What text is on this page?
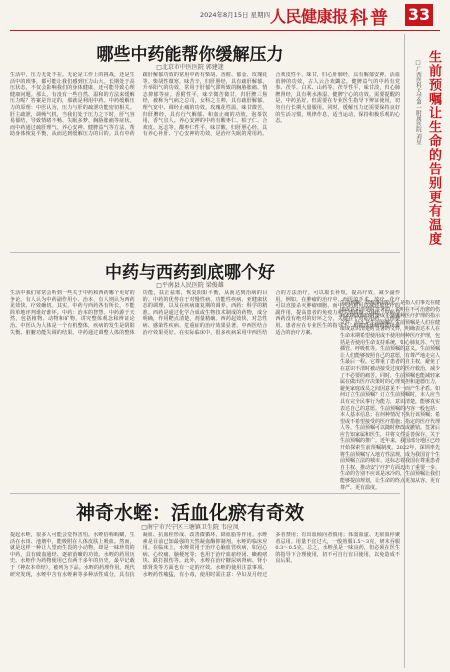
2024年8月15日 星期四 人民健康报 科普 33
哪些中药能帮你缓解压力
□北京市中医医院 郭建迷
生活中，压力无处不在。无论是工作上的挑战，还是生活中的琐事，都可能让我们感到压力山大。长期处于高压状态，不仅会影响我们的身体健康，还可能导致心理健康问题。那么，有没有一些自然、温和的方法来缓解压力呢？答案是肯定的，那就是利用中药。中药缓解压力的原理：中医认为，压力与肝的疏泄功能密切相关。肝主疏泄，调畅气机，当我们处于压力之下时，肝气容易郁结，导致情绪不畅、失眠多梦、胸胁胀痛等症状。而中药通过疏肝理气、养心安神、健脾益气等方法，帮助身体恢复平衡，从而达到缓解压力的目的。具有中药疏肝解郁功效的常用中药有柴胡、香附、郁金、玫瑰花等。柴胡性微寒，味苦辛，归肝胆经，具有疏肝解郁、升举阳气的功效，常用于肝郁气滞所致的胸胁胀痛、情志抑郁等症。香附性平，味辛微苦微甘，归肝脾三焦经，被称为气病之总司，女科之主帅，具有疏肝解郁、理气宽中、调经止痛的功效。玫瑰花性温，味甘微苦，归肝脾经，具有行气解郁、和血止痛的功效，泡茶饮用，香气宜人。养心安神的中药有酸枣仁、柏子仁、合欢皮、远志等。酸枣仁性平，味甘酸，归肝胆心经，具有养心补肝、宁心安神的功效，是治疗失眠的常用药。合欢皮性平，味甘，归心肝肺经，具有解郁安神、活血消肿的功效，古人云合欢蠲忿。健脾益气的中药有党参、茯苓、白术、山药等。茯苓性平，味甘淡，归心肺脾肾经，具有利水渗湿、健脾宁心的功效。需要提醒的是，中药虽好，但需要在专业医生指导下辨证使用，切勿自行长期大量服用。同时，缓解压力还需要保持良好的生活习惯，规律作息，适当运动，保持积极乐观的心态。
中药与西药到底哪个好
□平南县人民医院 梁俊雄
生活中我们常常会听到一些关于中药和西药哪个更好的争论。有人认为中药副作用小、治本，有人则认为西药见效快、疗效确切。其实，中药与西药各有所长，不能简单地评判谁好谁坏。中药：治本的智慧。中药源于天然，包括植物、动物和矿物，讲究整体观念和辨证论治。中医认为人体是一个有机整体，疾病的发生是阴阳失衡、脏腑功能失调的结果。中药通过调整人体的整体功能，扶正祛邪，恢复阴阳平衡，从而达到治病的目的。中药的优势在于对慢性病、功能性疾病、亚健康状态的调理，以及在疾病康复期的调养。西药：科学的精准。西药是通过化学合成或生物技术制成的药物，成分明确，作用靶点清楚，剂量精确。西药起效快，对急性病、感染性疾病、危重症的治疗效果显著。中西医结合治疗效果更好。在实际临床中，很多疾病采用中西医结合的方法治疗，可以取长补短，提高疗效，减少副作用。例如，在肿瘤的治疗中，西医的手术、放疗、化疗可以直接杀灭肿瘤细胞，而中医药则可以减轻放化疗的副作用，提高患者的免疫力和生活质量。因此，中药与西药没有绝对的好坏之分，关键在于对症用药、合理使用。患者应在专业医生的指导下，根据自身病情选择最适合的治疗方案。
神奇水蛭：活血化瘀有奇效
□南宁市兴宁区三塘镇卫生院 韦应凤
提起水蛭，很多人可能会觉得害怕。水蛭俗称蚂蟥，生活在水田、池塘中，能吸附在人体皮肤上吸血。然而，就是这样一种让人望而生畏的小动物，却是一味珍贵的中药，具有破血通经、逐瘀消癥的功效。水蛭的药用历史。水蛭作为药物使用已有两千多年的历史，最早记载于《神农本草经》，被列为下品。水蛭的药理作用。现代研究发现，水蛭中含有水蛭素等多种活性成分，具有抗凝血、抗血栓形成、改善微循环、降血脂等作用。水蛭素是目前已知最强的天然凝血酶抑制剂。水蛭的临床应用。在临床上，水蛭常用于治疗心脑血管疾病，如冠心病、心绞痛、脑梗死等；也用于治疗血瘀经闭、癥瘕痞块、跌打损伤等。此外，水蛭在治疗糖尿病肾病、肾小球肾炎等方面也有一定的疗效。水蛭的使用注意事项。水蛭药性峻猛，有小毒，使用时需注意：孕妇及月经过多者禁用；有出血倾向者慎用；体弱血虚、无瘀血停聚者忌用。用量不宜过大，一般煎服1.5～3克，研末吞服0.3～0.5克。总之，水蛭虽是一味良药，但必须在医生的指导下合理使用，切不可自行盲目使用，以免造成不良后果。
生前预嘱让生命的告别更有温度
□广西医科大学第一附属医院 刘星
生前预嘱，简称事前指示，是指人们事先在健康或意识清楚时签署的，说明在不可治愈的伤病末期或临终时要或不要哪种医疗护理的指示文件。什么是生前预嘱？生前预嘱是人们在健康或意识清楚时签署的文件，明确表达本人在生命末期希望使用或不使用何种医疗护理，包括是否使用生命支持系统，如心肺复苏、气管插管、呼吸机等。生前预嘱的意义。生前预嘱让人们能够按照自己的意愿，有尊严地走完人生最后一程。它尊重了患者的自主权，避免了在意识不清时被动接受过度的医疗救治，减少了不必要的痛苦。同时，生前预嘱也能减轻家属在做出医疗决策时的心理负担和道德压力，避免家庭成员之间因意见不一而产生矛盾。如何订立生前预嘱？订立生前预嘱时，本人应当具有完全民事行为能力，意识清楚，能够真实表达自己的意愿。生前预嘱的内容一般包括：本人基本信息；在何种情况下执行该预嘱；希望或不希望接受的医疗措施；指定的医疗代理人等。生前预嘱可以随时修改或撤销。签署后应告知家属和医生，并将文件妥善保存。关于生前预嘱的推广。近年来，我国部分地区已经开始探索生前预嘱制度。2022年，深圳率先将生前预嘱写入地方性法规，成为我国首个生前预嘱立法的城市。这标志着我国在尊重患者自主权、推动安宁疗护方面迈出了重要一步。生命的告别不应该是冰冷的，生前预嘱让我们能够提前规划，让生命的终点更加从容、更有尊严、更有温度。
